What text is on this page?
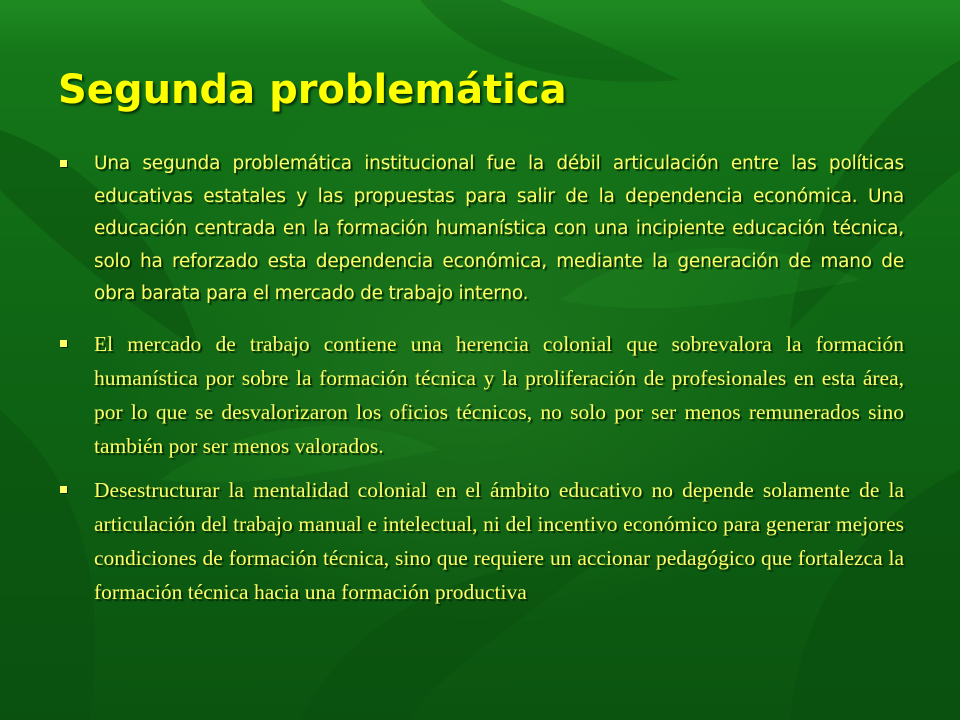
Segunda problemática
Una segunda problemática institucional fue la débil articulación entre las políticas educativas estatales y las propuestas para salir de la dependencia económica. Una educación centrada en la formación humanística con una incipiente educación técnica, solo ha reforzado esta dependencia económica, mediante la generación de mano de obra barata para el mercado de trabajo interno.
El mercado de trabajo contiene una herencia colonial que sobrevalora la formación humanística por sobre la formación técnica y la proliferación de profesionales en esta área, por lo que se desvalorizaron los oficios técnicos, no solo por ser menos remunerados sino también por ser menos valorados.
Desestructurar la mentalidad colonial en el ámbito educativo no depende solamente de la articulación del trabajo manual e intelectual, ni del incentivo económico para generar mejores condiciones de formación técnica, sino que requiere un accionar pedagógico que fortalezca la formación técnica hacia una formación productiva
